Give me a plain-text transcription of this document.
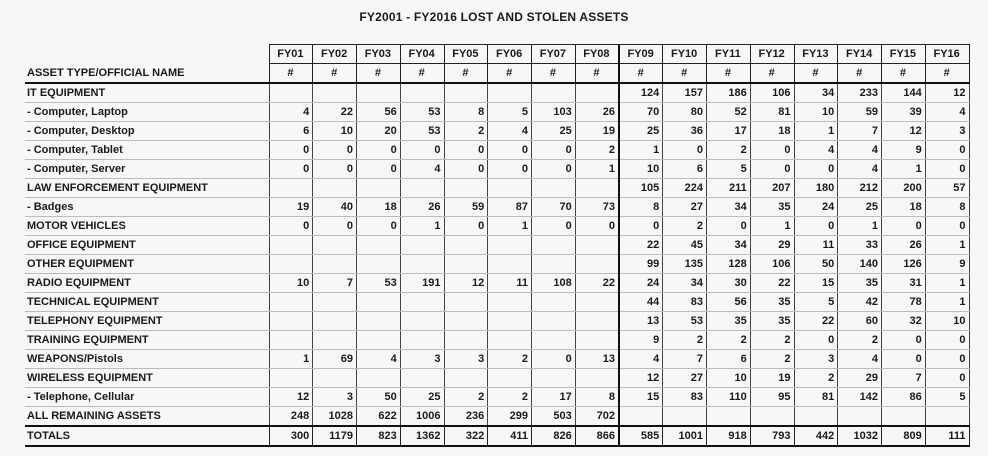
FY2001 - FY2016 LOST AND STOLEN ASSETS
	FY01	FY02	FY03	FY04	FY05	FY06	FY07	FY08	FY09	FY10	FY11	FY12	FY13	FY14	FY15	FY16
ASSET TYPE/OFFICIAL NAME	#	#	#	#	#	#	#	#	#	#	#	#	#	#	#	#
IT EQUIPMENT									124	157	186	106	34	233	144	12
- Computer, Laptop	4	22	56	53	8	5	103	26	70	80	52	81	10	59	39	4
- Computer, Desktop	6	10	20	53	2	4	25	19	25	36	17	18	1	7	12	3
- Computer, Tablet	0	0	0	0	0	0	0	2	1	0	2	0	4	4	9	0
- Computer, Server	0	0	0	4	0	0	0	1	10	6	5	0	0	4	1	0
LAW ENFORCEMENT EQUIPMENT									105	224	211	207	180	212	200	57
- Badges	19	40	18	26	59	87	70	73	8	27	34	35	24	25	18	8
MOTOR VEHICLES	0	0	0	1	0	1	0	0	0	2	0	1	0	1	0	0
OFFICE EQUIPMENT									22	45	34	29	11	33	26	1
OTHER EQUIPMENT									99	135	128	106	50	140	126	9
RADIO EQUIPMENT	10	7	53	191	12	11	108	22	24	34	30	22	15	35	31	1
TECHNICAL EQUIPMENT									44	83	56	35	5	42	78	1
TELEPHONY EQUIPMENT									13	53	35	35	22	60	32	10
TRAINING EQUIPMENT									9	2	2	2	0	2	0	0
WEAPONS/Pistols	1	69	4	3	3	2	0	13	4	7	6	2	3	4	0	0
WIRELESS EQUIPMENT									12	27	10	19	2	29	7	0
- Telephone, Cellular	12	3	50	25	2	2	17	8	15	83	110	95	81	142	86	5
ALL REMAINING ASSETS	248	1028	622	1006	236	299	503	702								
TOTALS	300	1179	823	1362	322	411	826	866	585	1001	918	793	442	1032	809	111
